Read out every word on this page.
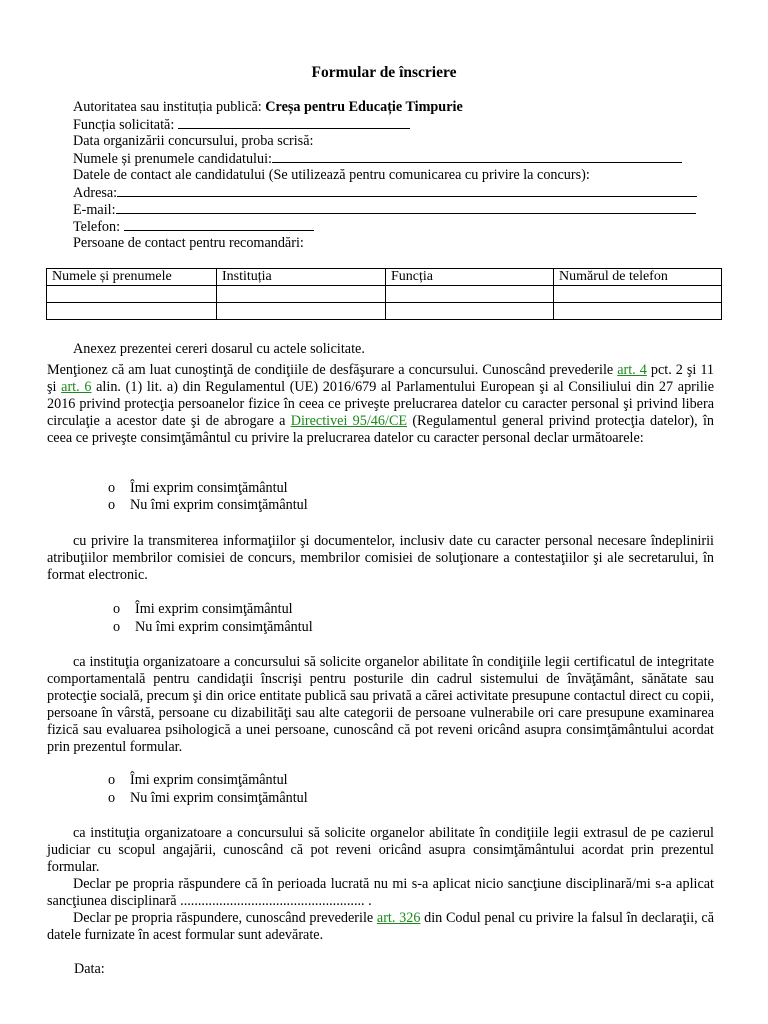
Formular de înscriere
Autoritatea sau instituția publică: Creșa pentru Educație Timpurie
Funcția solicitată:
Data organizării concursului, proba scrisă:
Numele și prenumele candidatului:
Datele de contact ale candidatului (Se utilizează pentru comunicarea cu privire la concurs):
Adresa:
E-mail:
Telefon:
Persoane de contact pentru recomandări:
Numele și prenumele	Instituția	Funcția	Numărul de telefon

Anexez prezentei cereri dosarul cu actele solicitate.
Menţionez că am luat cunoştinţă de condiţiile de desfăşurare a concursului. Cunoscând prevederile art. 4 pct. 2 şi 11 şi art. 6 alin. (1) lit. a) din Regulamentul (UE) 2016/679 al Parlamentului European şi al Consiliului din 27 aprilie 2016 privind protecţia persoanelor fizice în ceea ce priveşte prelucrarea datelor cu caracter personal şi privind libera circulaţie a acestor date şi de abrogare a Directivei 95/46/CE (Regulamentul general privind protecţia datelor), în ceea ce priveşte consimţământul cu privire la prelucrarea datelor cu caracter personal declar următoarele:
o Îmi exprim consimţământul
o Nu îmi exprim consimţământul
cu privire la transmiterea informaţiilor şi documentelor, inclusiv date cu caracter personal necesare îndeplinirii atribuţiilor membrilor comisiei de concurs, membrilor comisiei de soluţionare a contestaţiilor şi ale secretarului, în format electronic.
o Îmi exprim consimţământul
o Nu îmi exprim consimţământul
ca instituţia organizatoare a concursului să solicite organelor abilitate în condiţiile legii certificatul de integritate comportamentală pentru candidaţii înscrişi pentru posturile din cadrul sistemului de învăţământ, sănătate sau protecţie socială, precum şi din orice entitate publică sau privată a cărei activitate presupune contactul direct cu copii, persoane în vârstă, persoane cu dizabilităţi sau alte categorii de persoane vulnerabile ori care presupune examinarea fizică sau evaluarea psihologică a unei persoane, cunoscând că pot reveni oricând asupra consimţământului acordat prin prezentul formular.
o Îmi exprim consimţământul
o Nu îmi exprim consimţământul
ca instituţia organizatoare a concursului să solicite organelor abilitate în condiţiile legii extrasul de pe cazierul judiciar cu scopul angajării, cunoscând că pot reveni oricând asupra consimţământului acordat prin prezentul formular.
Declar pe propria răspundere că în perioada lucrată nu mi s-a aplicat nicio sancţiune disciplinară/mi s-a aplicat sancţiunea disciplinară .................................................... .
Declar pe propria răspundere, cunoscând prevederile art. 326 din Codul penal cu privire la falsul în declaraţii, că datele furnizate în acest formular sunt adevărate.
Data:
